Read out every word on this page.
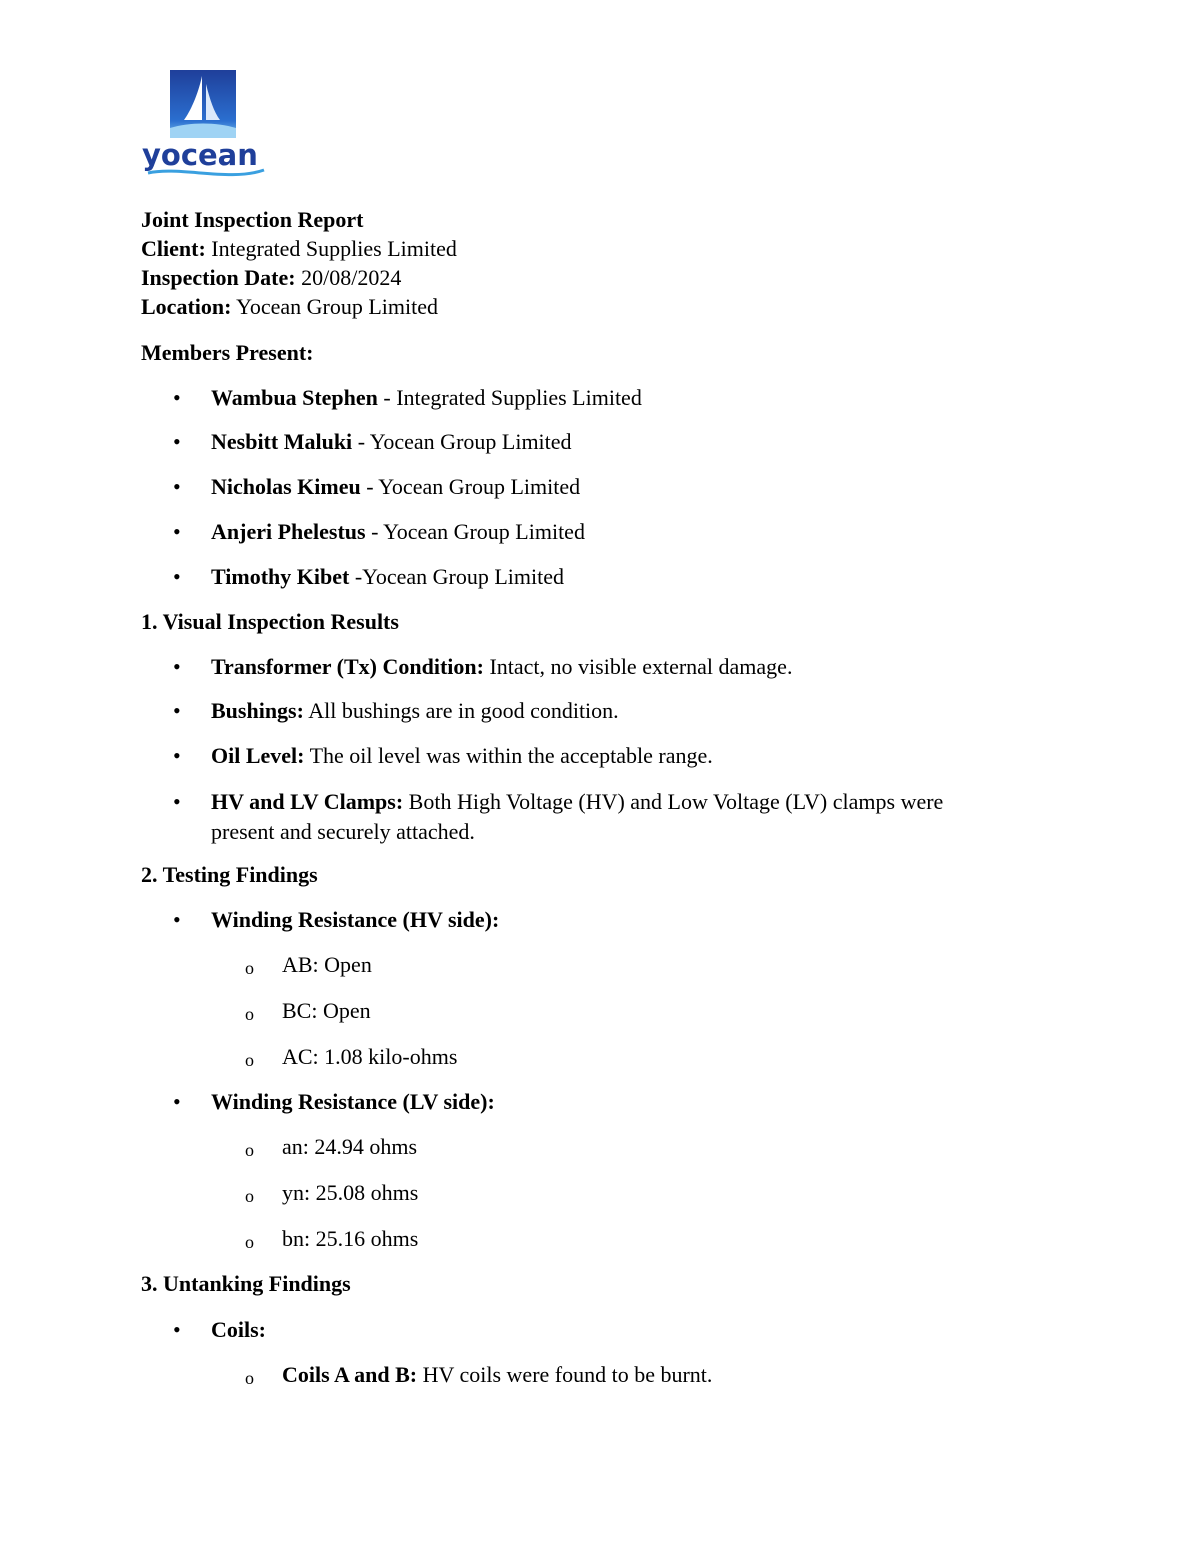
yocean
Joint Inspection Report
Client: Integrated Supplies Limited
Inspection Date: 20/08/2024
Location: Yocean Group Limited
Members Present:
• Wambua Stephen - Integrated Supplies Limited
• Nesbitt Maluki - Yocean Group Limited
• Nicholas Kimeu - Yocean Group Limited
• Anjeri Phelestus - Yocean Group Limited
• Timothy Kibet -Yocean Group Limited
1. Visual Inspection Results
• Transformer (Tx) Condition: Intact, no visible external damage.
• Bushings: All bushings are in good condition.
• Oil Level: The oil level was within the acceptable range.
• HV and LV Clamps: Both High Voltage (HV) and Low Voltage (LV) clamps were present and securely attached.
2. Testing Findings
• Winding Resistance (HV side):
o AB: Open
o BC: Open
o AC: 1.08 kilo-ohms
• Winding Resistance (LV side):
o an: 24.94 ohms
o yn: 25.08 ohms
o bn: 25.16 ohms
3. Untanking Findings
• Coils:
o Coils A and B: HV coils were found to be burnt.
